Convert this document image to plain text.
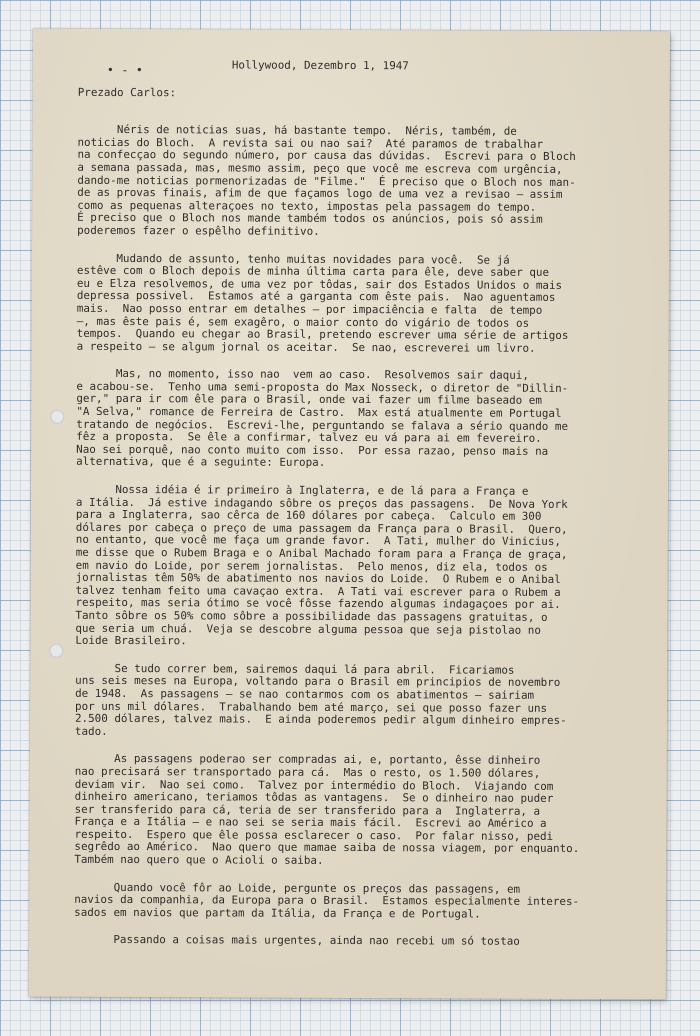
• - •	Hollywood, Dezembro 1, 1947
Prezado Carlos:
Néris de noticias suas, há bastante tempo.  Néris, também, de
noticias do Bloch.  A revista sai ou nao sai?  Até paramos de trabalhar
na confecçao do segundo número, por causa das dúvidas.  Escrevi para o Bloch
a semana passada, mas, mesmo assim, peço que você me escreva com urgência,
dando-me noticias pormenorizadas de "Filme."  É preciso que o Bloch nos man-
de as provas finais, afim de que façamos logo de uma vez a revisao — assim
como as pequenas alteraçoes no texto, impostas pela passagem do tempo.
É preciso que o Bloch nos mande também todos os anúncios, pois só assim
poderemos fazer o espêlho definitivo.
Mudando de assunto, tenho muitas novidades para você.  Se já
estêve com o Bloch depois de minha última carta para êle, deve saber que
eu e Elza resolvemos, de uma vez por tôdas, sair dos Estados Unidos o mais
depressa possivel.  Estamos até a garganta com êste pais.  Nao aguentamos
mais.  Nao posso entrar em detalhes — por impaciência e falta  de tempo
—, mas êste pais é, sem exagêro, o maior conto do vigário de todos os
tempos.  Quando eu chegar ao Brasil, pretendo escrever uma série de artigos
a respeito — se algum jornal os aceitar.  Se nao, escreverei um livro.
Mas, no momento, isso nao  vem ao caso.  Resolvemos sair daqui,
e acabou-se.  Tenho uma semi-proposta do Max Nosseck, o diretor de "Dillin-
ger," para ir com êle para o Brasil, onde vai fazer um filme baseado em
"A Selva," romance de Ferreira de Castro.  Max está atualmente em Portugal
tratando de negócios.  Escrevi-lhe, perguntando se falava a sério quando me
fêz a proposta.  Se êle a confirmar, talvez eu vá para ai em fevereiro.
Nao sei porquê, nao conto muito com isso.  Por essa razao, penso mais na
alternativa, que é a seguinte: Europa.
Nossa idéia é ir primeiro à Inglaterra, e de lá para a França e
a Itália.  Já estive indagando sôbre os preços das passagens.  De Nova York
para a Inglaterra, sao cêrca de 160 dólares por cabeça.  Calculo em 300
dólares por cabeça o preço de uma passagem da França para o Brasil.  Quero,
no entanto, que você me faça um grande favor.  A Tati, mulher do Vinicius,
me disse que o Rubem Braga e o Anibal Machado foram para a França de graça,
em navio do Loide, por serem jornalistas.  Pelo menos, diz ela, todos os
jornalistas têm 50% de abatimento nos navios do Loide.  O Rubem e o Anibal
talvez tenham feito uma cavaçao extra.  A Tati vai escrever para o Rubem a
respeito, mas seria ótimo se você fôsse fazendo algumas indagaçoes por ai.
Tanto sôbre os 50% como sôbre a possibilidade das passagens gratuitas, o
que seria um chuá.  Veja se descobre alguma pessoa que seja pistolao no
Loide Brasileiro.
Se tudo correr bem, sairemos daqui lá para abril.  Ficariamos
uns seis meses na Europa, voltando para o Brasil em principios de novembro
de 1948.  As passagens — se nao contarmos com os abatimentos — sairiam
por uns mil dólares.  Trabalhando bem até março, sei que posso fazer uns
2.500 dólares, talvez mais.  E ainda poderemos pedir algum dinheiro empres-
tado.
As passagens poderao ser compradas ai, e, portanto, êsse dinheiro
nao precisará ser transportado para cá.  Mas o resto, os 1.500 dólares,
deviam vir.  Nao sei como.  Talvez por intermédio do Bloch.  Viajando com
dinheiro americano, teriamos tôdas as vantagens.  Se o dinheiro nao puder
ser transferido para cá, teria de ser transferido para a  Inglaterra, a
França e a Itália — e nao sei se seria mais fácil.  Escrevi ao Américo a
respeito.  Espero que êle possa esclarecer o caso.  Por falar nisso, pedi
segrêdo ao Américo.  Nao quero que mamae saiba de nossa viagem, por enquanto.
Também nao quero que o Acioli o saiba.
Quando você fôr ao Loide, pergunte os preços das passagens, em
navios da companhia, da Europa para o Brasil.  Estamos especialmente interes-
sados em navios que partam da Itália, da França e de Portugal.
Passando a coisas mais urgentes, ainda nao recebi um só tostao
